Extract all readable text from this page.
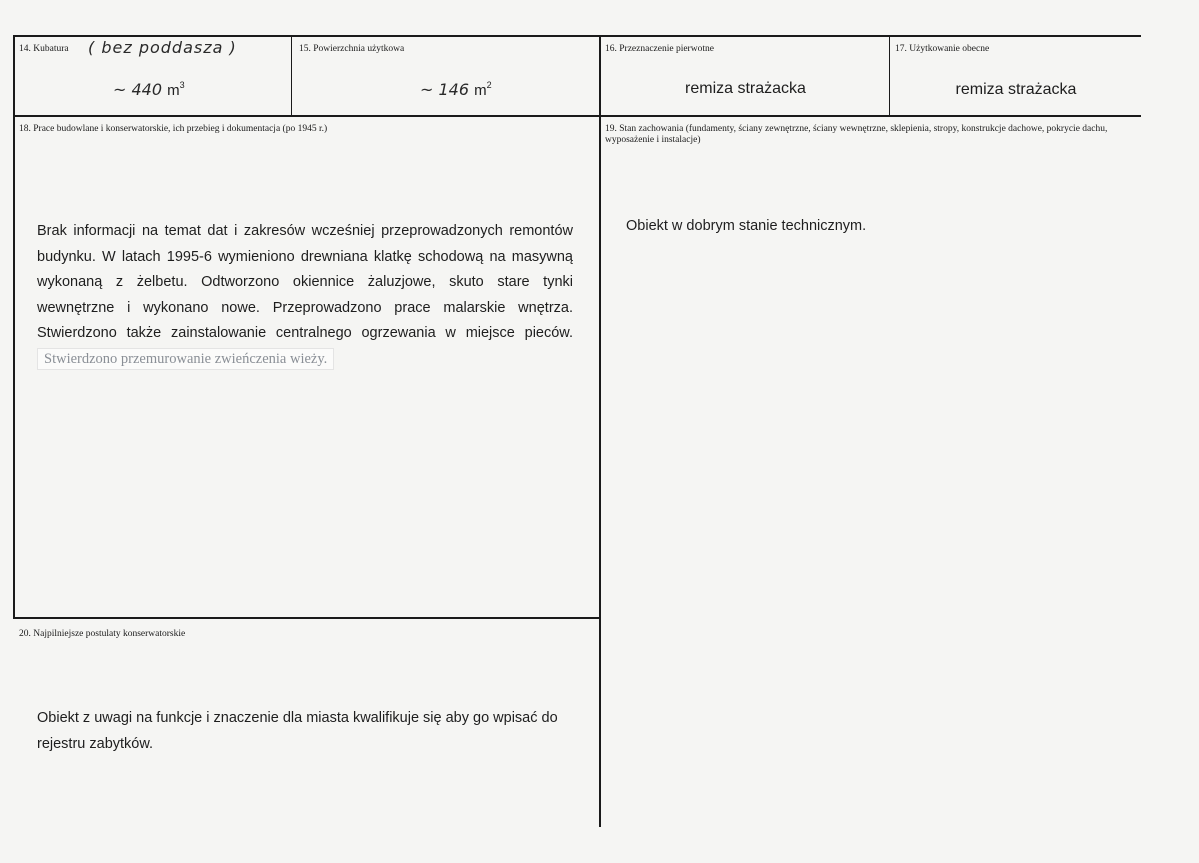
14. Kubatura ( bez poddasza )
~ 440 $m^3$
15. Powierzchnia użytkowa
~ 146 $m^2$
16. Przeznaczenie pierwotne
remiza strażacka
17. Użytkowanie obecne
remiza strażacka
18. Prace budowlane i konserwatorskie, ich przebieg i dokumentacja (po 1945 r.)
Brak informacji na temat dat i zakresów wcześniej przeprowadzonych remontów budynku. W latach 1995-6 wymieniono drewniana klatkę schodową na masywną wykonaną z żelbetu. Odtworzono okiennice żaluzjowe, skuto stare tynki wewnętrzne i wykonano nowe. Przeprowadzono prace malarskie wnętrza. Stwierdzono także zainstalowanie centralnego ogrzewania w miejsce pieców. Stwierdzono przemurowanie zwieńczenia wieży.
19. Stan zachowania (fundamenty, ściany zewnętrzne, ściany wewnętrzne, sklepienia, stropy, konstrukcje dachowe, pokrycie dachu, wyposażenie i instalacje)
Obiekt w dobrym stanie technicznym.
20. Najpilniejsze postulaty konserwatorskie
Obiekt z uwagi na funkcje i znaczenie dla miasta kwalifikuje się aby go wpisać do rejestru zabytków.
